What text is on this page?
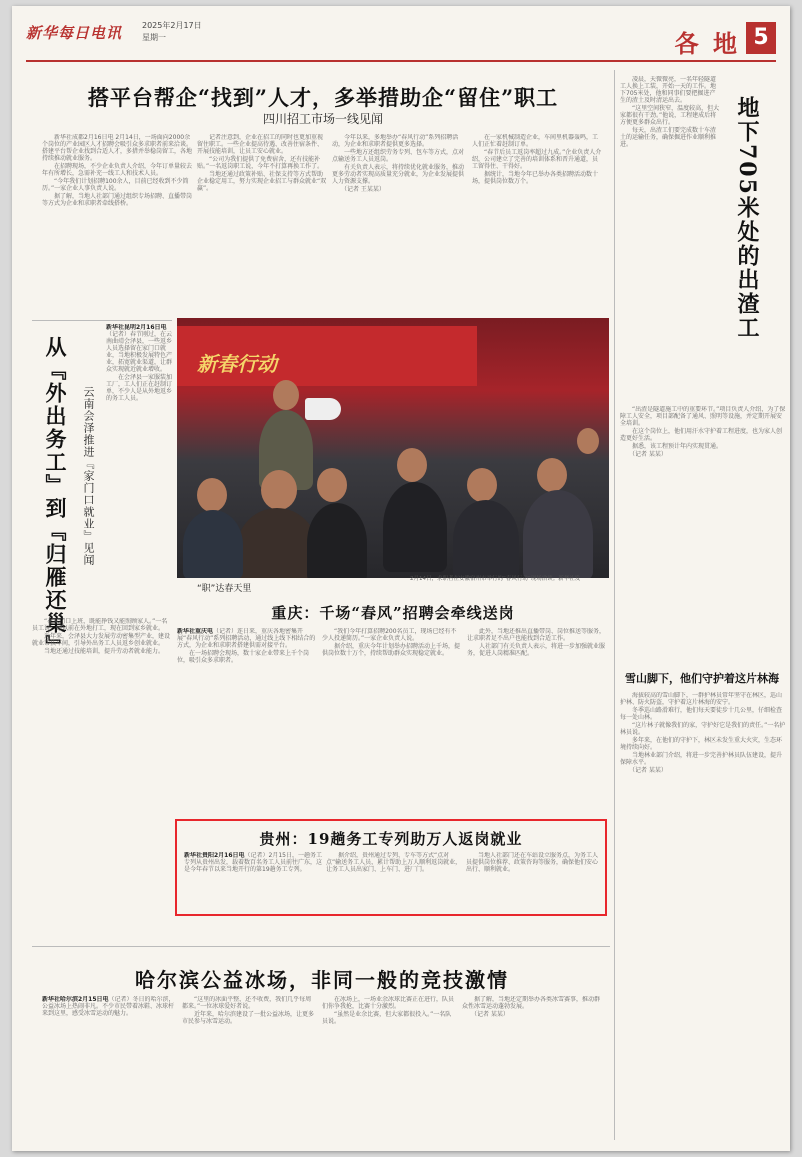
新华每日电讯 2025年2月17日
星期一	各 地 5
搭平台帮企“找到”人才，多举措助企“留住”职工
四川招工市场一线见闻

　　新华社成都2月16日电 2月14日，一场面向2000余个岗位的产业园区人才招聘会吸引众多求职者前来洽谈。搭建平台帮企业找到合适人才，多措并举稳岗留工，各地持续推动就业服务。

　　在招聘现场，不少企业负责人介绍，今年订单量较去年有所增长，急需补充一线工人和技术人员。

　　“今年我们计划招聘100余人，目前已经收到不少简历。”一家企业人事负责人说。

　　据了解，当地人社部门通过组织专场招聘、直播带岗等方式为企业和求职者牵线搭桥。

　　记者注意到，企业在招工的同时也更加重视留住职工。一些企业提高待遇、改善住宿条件、开展技能培训，让员工安心就业。

　　“公司为我们提供了免费宿舍，还有技能补贴。”一名返岗职工说，今年不打算再换工作了。

　　当地还通过政策补贴、社保支持等方式帮助企业稳定用工，努力实现企业招工与群众就业“双赢”。

　　今年以来，多地举办“春风行动”系列招聘活动，为企业和求职者提供更多选择。

　　一些地方还组织劳务专列、包车等方式，点对点输送务工人员返岗。

　　有关负责人表示，将持续优化就业服务，推动更多劳动者实现高质量充分就业，为企业发展提供人力资源支撑。

　　（记者 王某某）

　　在一家机械制造企业，车间里机器轰鸣，工人们正忙着赶制订单。

　　“春节后员工返岗率超过九成。”企业负责人介绍，公司建立了完善的培训体系和晋升通道，员工留得住、干得好。

　　据统计，当地今年已举办各类招聘活动数十场，提供岗位数万个。

从『外出务工』到『归雁还巢』 云南会泽推进『家门口就业』见闻

新华社昆明2月16日电（记者）春节刚过，在云南曲靖会泽县，一些返乡人员选择留在家门口就业，当地积极发展特色产业，拓宽就业渠道，让群众实现就近就业增收。

　　在会泽县一家服装加工厂，工人们正在赶制订单，不少人是从外地返乡的务工人员。

　　“在家门口上班，既能挣钱又能照顾家人。”一名员工说，她以前在外地打工，现在回到家乡就业。

　　近年来，会泽县大力发展劳动密集型产业，建设就业帮扶车间，引导外出务工人员返乡创业就业。

　　当地还通过技能培训，提升劳动者就业能力。

地下705米处的出渣工

　　凌晨，天微微亮，一名年轻隧道工人换上工装，开始一天的工作。地下705米处，他和同事们要把掘进产生的渣土及时清运出去。

　　“这里空间狭窄，温度较高，但大家都很有干劲。”他说，工程建成后将方便更多群众出行。

　　每天，出渣工们要完成数十车渣土的运输任务，确保掘进作业顺利推进。

　　“出渣是隧道施工中的重要环节。”项目负责人介绍，为了保障工人安全，项目部配备了通风、照明等设施，并定期开展安全培训。

　　在这个岗位上，他们用汗水守护着工程进度，也为家人创造更好生活。

　　据悉，该工程预计年内实现贯通。

　　（记者 某某）

新春行动
“职”达春天里
2月14日，求职者在安徽宿州市举行的“春风行动”现场洽谈。新华社发
重庆：千场“春风”招聘会牵线送岗

新华社重庆电（记者）连日来，重庆各地密集开展“春风行动”系列招聘活动，通过线上线下相结合的方式，为企业和求职者搭建供需对接平台。

　　在一场招聘会现场，数十家企业带来上千个岗位，吸引众多求职者。

　　“我们今年打算招聘200名员工，现场已经有不少人投递简历。”一家企业负责人说。

　　据介绍，重庆今年计划举办招聘活动上千场，提供岗位数十万个，持续帮助群众实现稳定就业。

　　此外，当地还推出直播带岗、岗位推送等服务，让求职者足不出户也能找到合适工作。

　　人社部门有关负责人表示，将进一步加强就业服务，促进人岗精准匹配。

贵州：19趟务工专列助万人返岗就业

新华社贵阳2月16日电（记者）2月15日，一趟务工专列从贵州出发，载着数百名务工人员前往广东，这是今年春节以来当地开行的第19趟务工专列。

　　据介绍，贵州通过专列、专车等方式“点对点”输送务工人员，累计帮助上万人顺利返岗就业，让务工人员出家门、上车门、进厂门。

　　当地人社部门还在车站设立服务点，为务工人员提供岗位推荐、政策咨询等服务，确保他们安心出行、顺利就业。

雪山脚下，他们守护着这片林海

　　海拔较高的雪山脚下，一群护林员常年坚守在林区，巡山护林、防火防盗，守护着这片林海的安宁。

　　冬季巡山路滑难行，他们每天要徒步十几公里，仔细检查每一处山林。

　　“这片林子就像我们的家，守护好它是我们的责任。”一名护林员说。

　　多年来，在他们的守护下，林区未发生重大火灾，生态环境持续向好。

　　当地林业部门介绍，将进一步完善护林员队伍建设，提升保障水平。

　　（记者 某某）

哈尔滨公益冰场，非同一般的竞技激情

新华社哈尔滨2月15日电（记者）冬日的哈尔滨，公益冰场上热闹非凡。不少市民带着冰鞋、冰球杆来到这里，感受冰雪运动的魅力。

　　“这里的冰面平整，还不收费，我们几乎每周都来。”一位冰球爱好者说。

　　近年来，哈尔滨建设了一批公益冰场，让更多市民参与冰雪运动。

　　在冰场上，一场业余冰球比赛正在进行，队员们你争我抢，比赛十分激烈。

　　“虽然是业余比赛，但大家都很投入。”一名队员说。

　　据了解，当地还定期举办各类冰雪赛事，推动群众性冰雪运动蓬勃发展。

　　（记者 某某）
